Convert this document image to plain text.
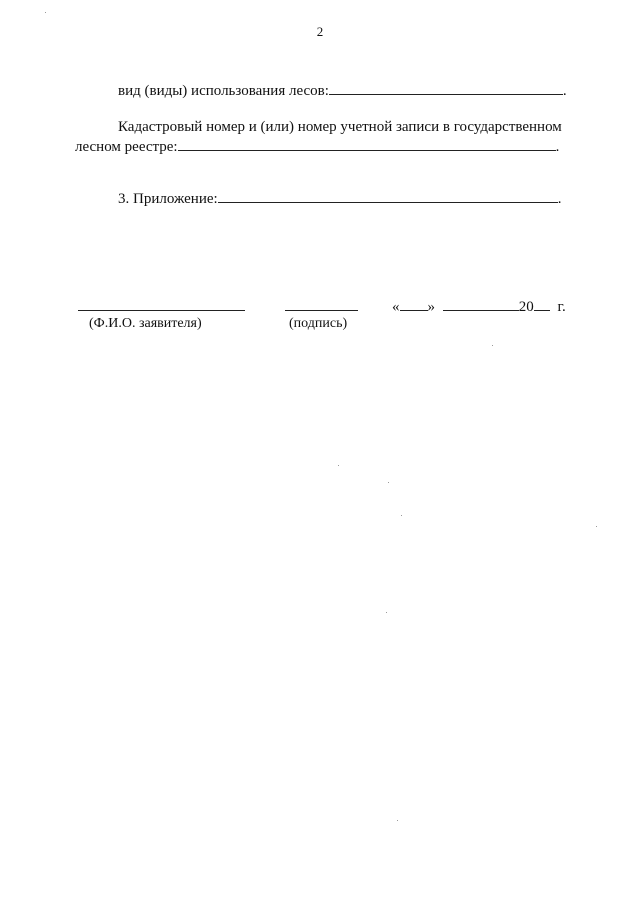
2
вид (виды) использования лесов:	.
Кадастровый номер и (или) номер учетной записи в государственном
лесном реестре:	.
3. Приложение:	.
« »	20 г.
(Ф.И.О. заявителя)	(подпись)
